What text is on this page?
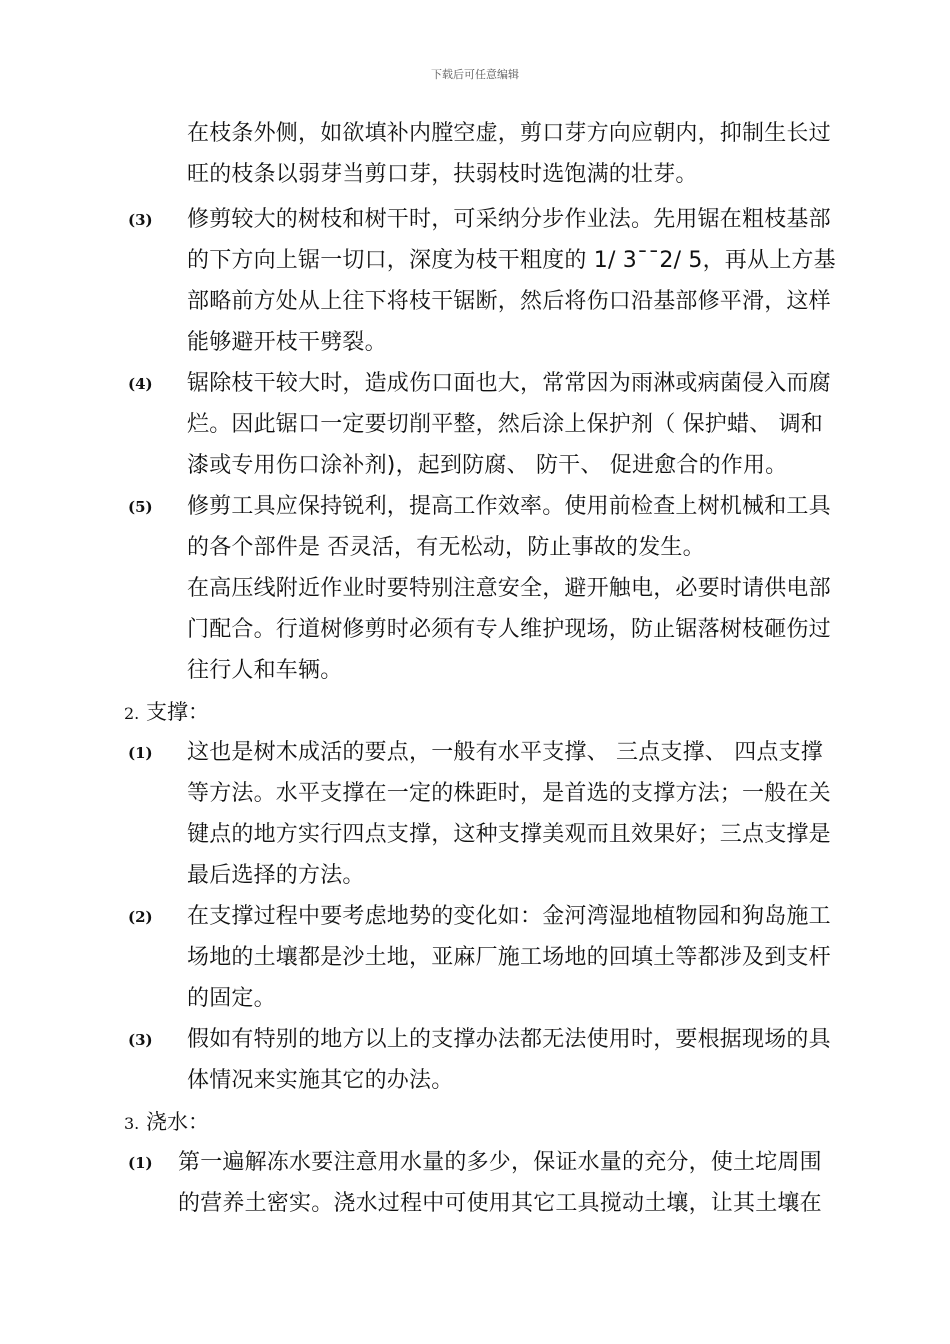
下载后可任意编辑
在枝条外侧，如欲填补内膛空虚，剪口芽方向应朝内，抑制生长过
旺的枝条以弱芽当剪口芽，扶弱枝时选饱满的壮芽。
(3) 修剪较大的树枝和树干时，可采纳分步作业法。先用锯在粗枝基部
的下方向上锯一切口，深度为枝干粗度的 1/ 3¯¯2/ 5，再从上方基
部略前方处从上往下将枝干锯断，然后将伤口沿基部修平滑，这样
能够避开枝干劈裂。
(4) 锯除枝干较大时，造成伤口面也大，常常因为雨淋或病菌侵入而腐
烂。因此锯口一定要切削平整，然后涂上保护剂（ 保护蜡、 调和
漆或专用伤口涂补剂)，起到防腐、 防干、 促进愈合的作用。
(5) 修剪工具应保持锐利，提高工作效率。使用前检查上树机械和工具
的各个部件是 否灵活，有无松动，防止事故的发生。
在高压线附近作业时要特别注意安全，避开触电，必要时请供电部
门配合。行道树修剪时必须有专人维护现场，防止锯落树枝砸伤过
往行人和车辆。
2. 支撑：
(1) 这也是树木成活的要点，一般有水平支撑、 三点支撑、 四点支撑
等方法。水平支撑在一定的株距时，是首选的支撑方法；一般在关
键点的地方实行四点支撑，这种支撑美观而且效果好；三点支撑是
最后选择的方法。
(2) 在支撑过程中要考虑地势的变化如：金河湾湿地植物园和狗岛施工
场地的土壤都是沙土地，亚麻厂施工场地的回填土等都涉及到支杆
的固定。
(3) 假如有特别的地方以上的支撑办法都无法使用时，要根据现场的具
体情况来实施其它的办法。
3. 浇水：
(1) 第一遍解冻水要注意用水量的多少，保证水量的充分，使土坨周围
的营养土密实。浇水过程中可使用其它工具搅动土壤，让其土壤在
